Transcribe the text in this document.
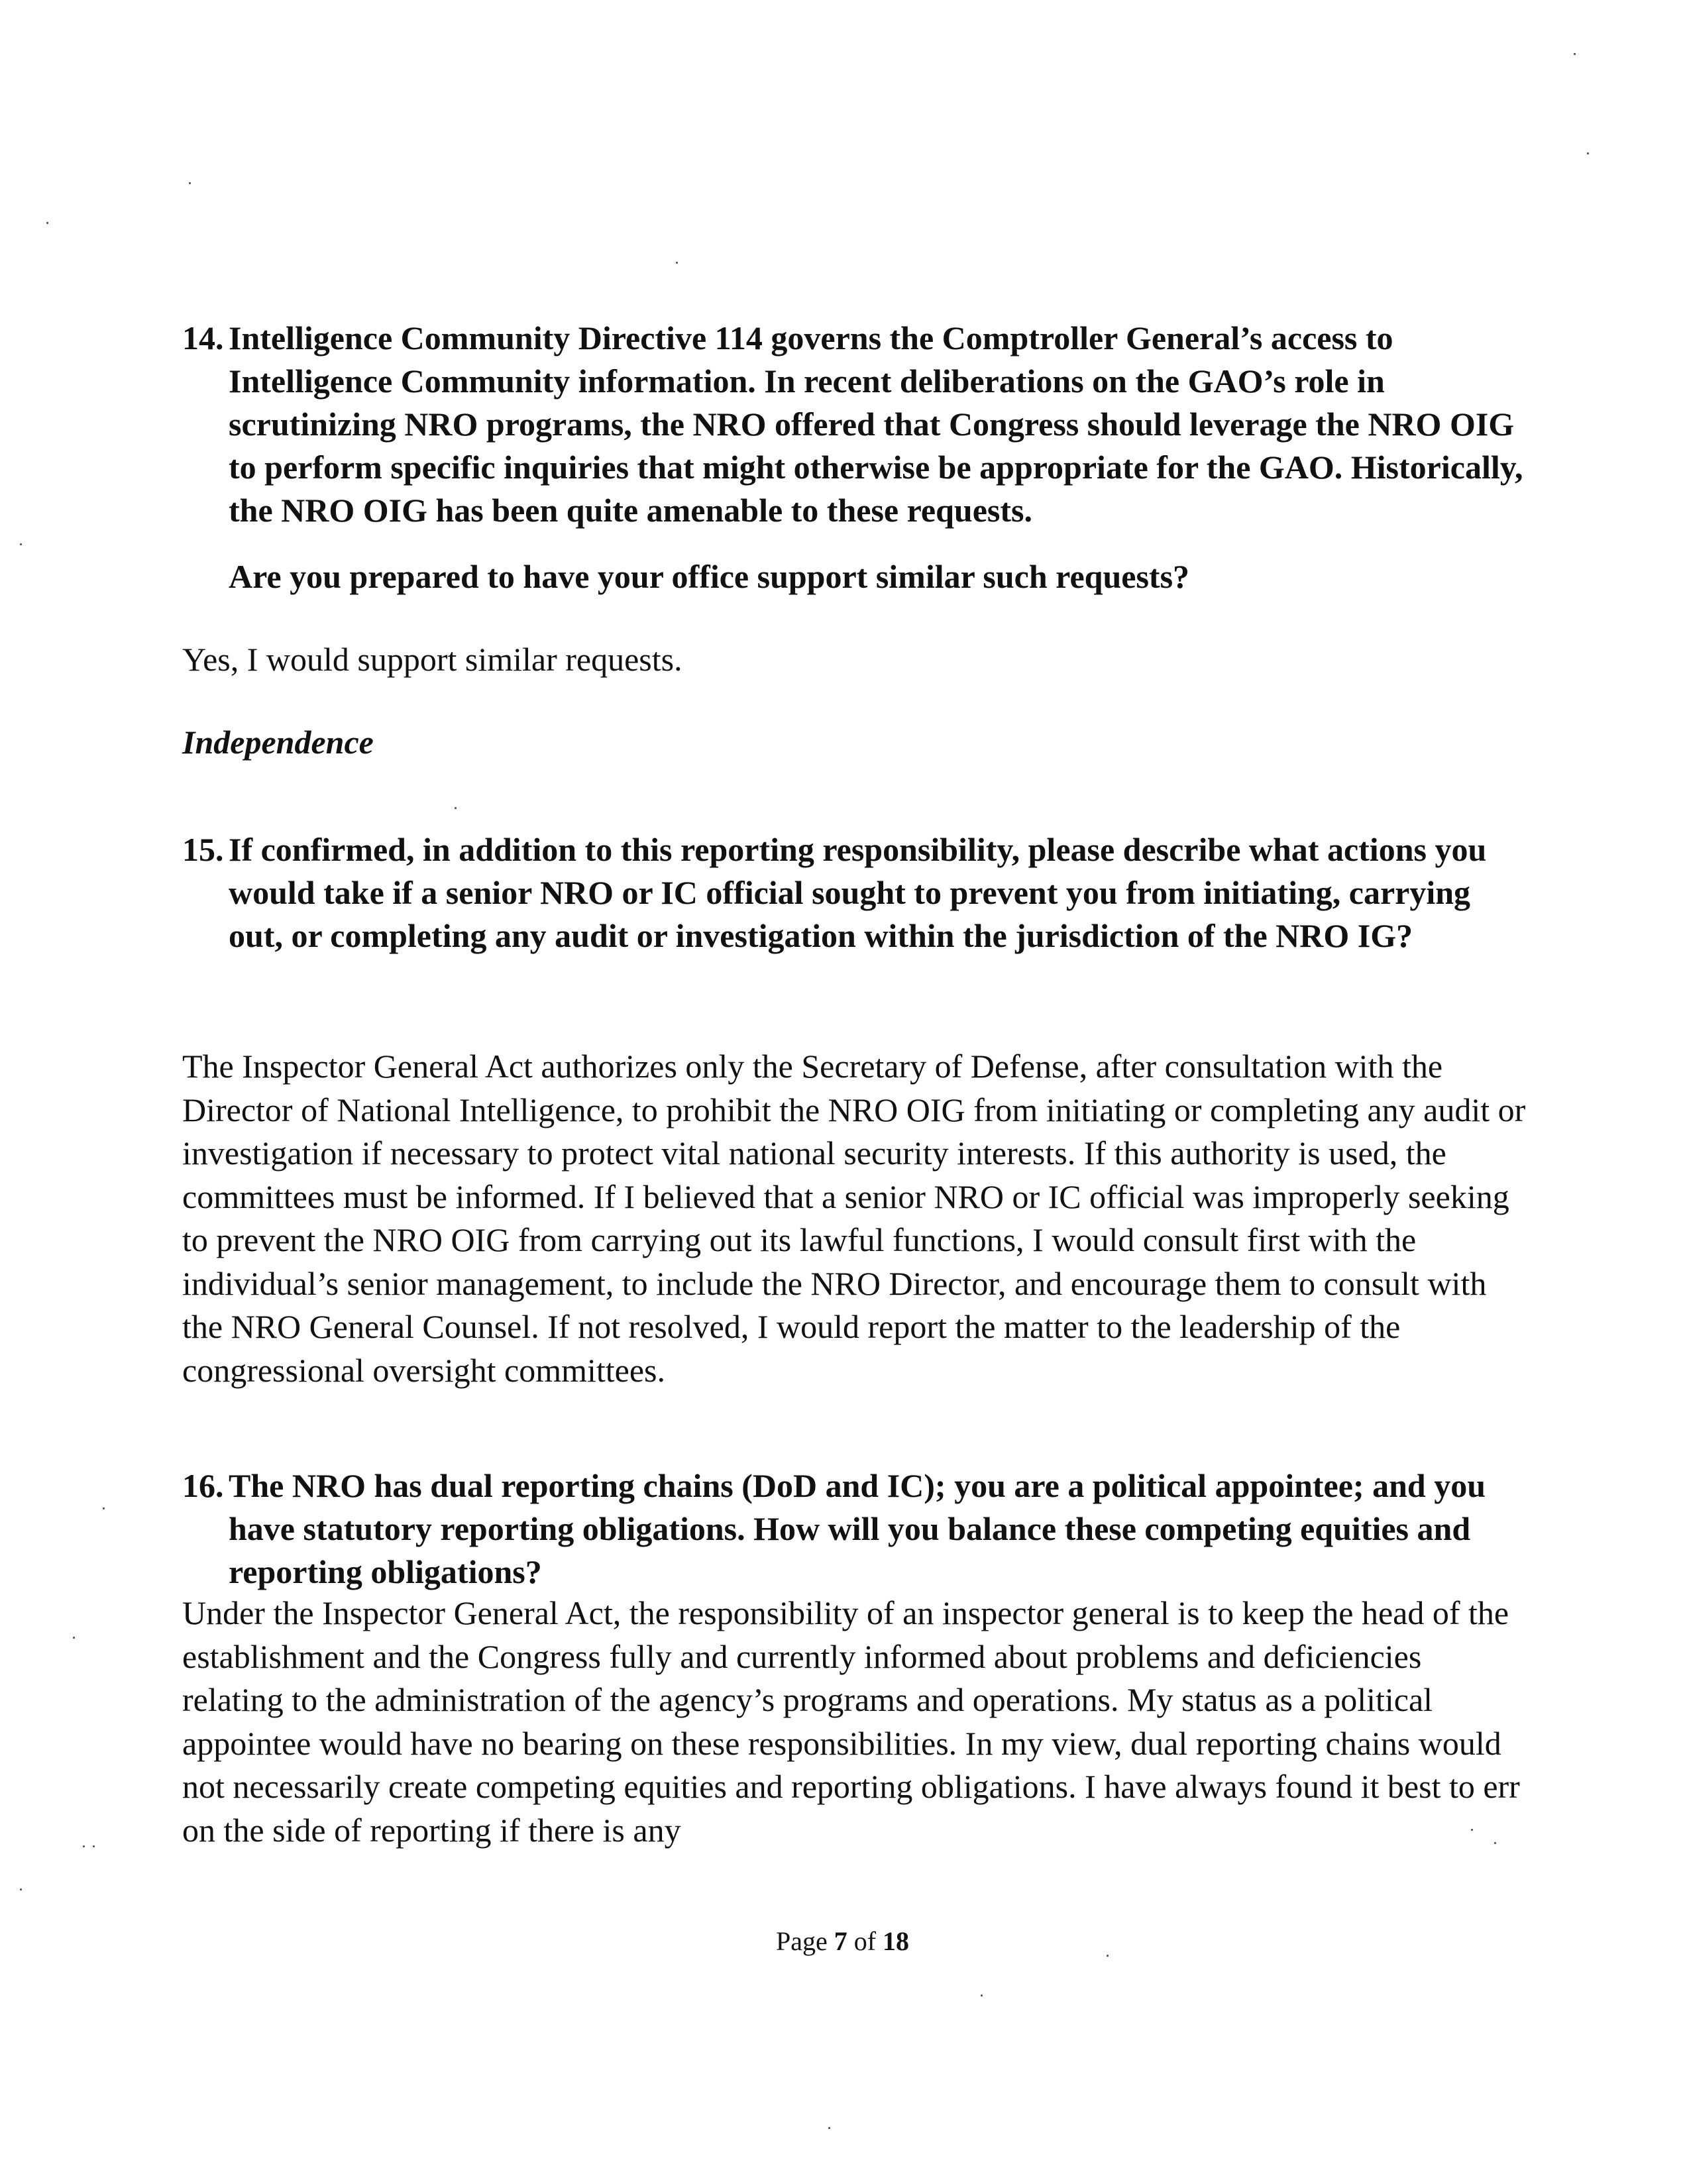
14. Intelligence Community Directive 114 governs the Comptroller General’s access to Intelligence Community information. In recent deliberations on the GAO’s role in scrutinizing NRO programs, the NRO offered that Congress should leverage the NRO OIG to perform specific inquiries that might otherwise be appropriate for the GAO. Historically, the NRO OIG has been quite amenable to these requests.
Are you prepared to have your office support similar such requests?
Yes, I would support similar requests.
Independence
15. If confirmed, in addition to this reporting responsibility, please describe what actions you would take if a senior NRO or IC official sought to prevent you from initiating, carrying out, or completing any audit or investigation within the jurisdiction of the NRO IG?
The Inspector General Act authorizes only the Secretary of Defense, after consultation with the Director of National Intelligence, to prohibit the NRO OIG from initiating or completing any audit or investigation if necessary to protect vital national security interests. If this authority is used, the committees must be informed. If I believed that a senior NRO or IC official was improperly seeking to prevent the NRO OIG from carrying out its lawful functions, I would consult first with the individual’s senior management, to include the NRO Director, and encourage them to consult with the NRO General Counsel. If not resolved, I would report the matter to the leadership of the congressional oversight committees.
16. The NRO has dual reporting chains (DoD and IC); you are a political appointee; and you have statutory reporting obligations. How will you balance these competing equities and reporting obligations?
Under the Inspector General Act, the responsibility of an inspector general is to keep the head of the establishment and the Congress fully and currently informed about problems and deficiencies relating to the administration of the agency’s programs and operations. My status as a political appointee would have no bearing on these responsibilities. In my view, dual reporting chains would not necessarily create competing equities and reporting obligations. I have always found it best to err on the side of reporting if there is any
Page 7 of 18
